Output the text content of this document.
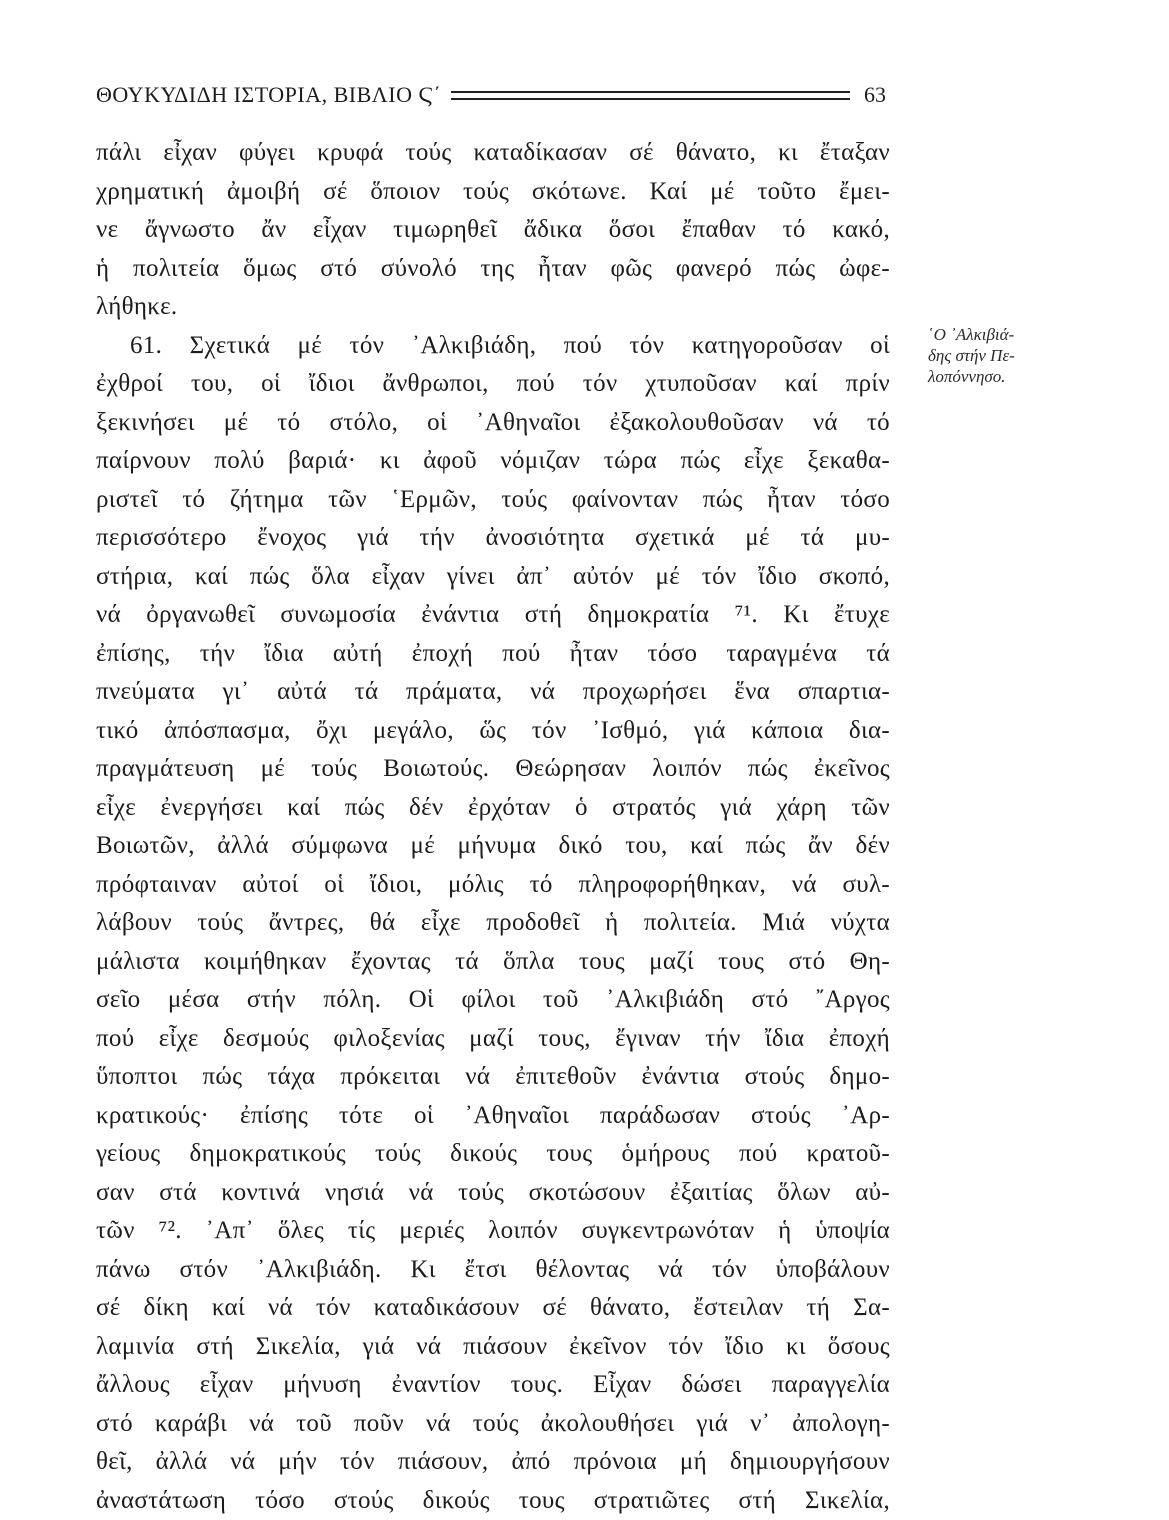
ΘΟΥΚΥΔΙΔΗ ΙΣΤΟΡΙΑ, ΒΙΒΛΙΟ Ϛ΄	63
πάλι εἶχαν φύγει κρυφά τούς καταδίκασαν σέ θάνατο, κι ἔταξαν
χρηματική ἀμοιβή σέ ὅποιον τούς σκότωνε. Καί μέ τοῦτο ἔμει-
νε ἄγνωστο ἄν εἶχαν τιμωρηθεῖ ἄδικα ὅσοι ἔπαθαν τό κακό,
ἡ πολιτεία ὅμως στό σύνολό της ἦταν φῶς φανερό πώς ὠφε-
λήθηκε.
61. Σχετικά μέ τόν ᾿Αλκιβιάδη, πού τόν κατηγοροῦσαν οἱ
ἐχθροί του, οἱ ἴδιοι ἄνθρωποι, πού τόν χτυποῦσαν καί πρίν
ξεκινήσει μέ τό στόλο, οἱ ᾿Αθηναῖοι ἐξακολουθοῦσαν νά τό
παίρνουν πολύ βαριά· κι ἀφοῦ νόμιζαν τώρα πώς εἶχε ξεκαθα-
ριστεῖ τό ζήτημα τῶν ῾Ερμῶν, τούς φαίνονταν πώς ἦταν τόσο
περισσότερο ἔνοχος γιά τήν ἀνοσιότητα σχετικά μέ τά μυ-
στήρια, καί πώς ὅλα εἶχαν γίνει ἀπ᾿ αὐτόν μέ τόν ἴδιο σκοπό,
νά ὀργανωθεῖ συνωμοσία ἐνάντια στή δημοκρατία ⁷¹. Κι ἔτυχε
ἐπίσης, τήν ἴδια αὐτή ἐποχή πού ἦταν τόσο ταραγμένα τά
πνεύματα γι᾿ αὐτά τά πράματα, νά προχωρήσει ἕνα σπαρτια-
τικό ἀπόσπασμα, ὄχι μεγάλο, ὥς τόν ᾿Ισθμό, γιά κάποια δια-
πραγμάτευση μέ τούς Βοιωτούς. Θεώρησαν λοιπόν πώς ἐκεῖνος
εἶχε ἐνεργήσει καί πώς δέν ἐρχόταν ὁ στρατός γιά χάρη τῶν
Βοιωτῶν, ἀλλά σύμφωνα μέ μήνυμα δικό του, καί πώς ἄν δέν
πρόφταιναν αὐτοί οἱ ἴδιοι, μόλις τό πληροφορήθηκαν, νά συλ-
λάβουν τούς ἄντρες, θά εἶχε προδοθεῖ ἡ πολιτεία. Μιά νύχτα
μάλιστα κοιμήθηκαν ἔχοντας τά ὅπλα τους μαζί τους στό Θη-
σεῖο μέσα στήν πόλη. Οἱ φίλοι τοῦ ᾿Αλκιβιάδη στό ῎Αργος
πού εἶχε δεσμούς φιλοξενίας μαζί τους, ἔγιναν τήν ἴδια ἐποχή
ὕποπτοι πώς τάχα πρόκειται νά ἐπιτεθοῦν ἐνάντια στούς δημο-
κρατικούς· ἐπίσης τότε οἱ ᾿Αθηναῖοι παράδωσαν στούς ᾿Αρ-
γείους δημοκρατικούς τούς δικούς τους ὁμήρους πού κρατοῦ-
σαν στά κοντινά νησιά νά τούς σκοτώσουν ἐξαιτίας ὅλων αὐ-
τῶν ⁷². ᾿Απ᾿ ὅλες τίς μεριές λοιπόν συγκεντρωνόταν ἡ ὑποψία
πάνω στόν ᾿Αλκιβιάδη. Κι ἔτσι θέλοντας νά τόν ὑποβάλουν
σέ δίκη καί νά τόν καταδικάσουν σέ θάνατο, ἔστειλαν τή Σα-
λαμινία στή Σικελία, γιά νά πιάσουν ἐκεῖνον τόν ἴδιο κι ὅσους
ἄλλους εἶχαν μήνυση ἐναντίον τους. Εἶχαν δώσει παραγγελία
στό καράβι νά τοῦ ποῦν νά τούς ἀκολουθήσει γιά ν᾿ ἀπολογη-
θεῖ, ἀλλά νά μήν τόν πιάσουν, ἀπό πρόνοια μή δημιουργήσουν
ἀναστάτωση τόσο στούς δικούς τους στρατιῶτες στή Σικελία,
῾Ο ᾿Αλκιβιά-
δης στήν Πε-
λοπόννησο.
